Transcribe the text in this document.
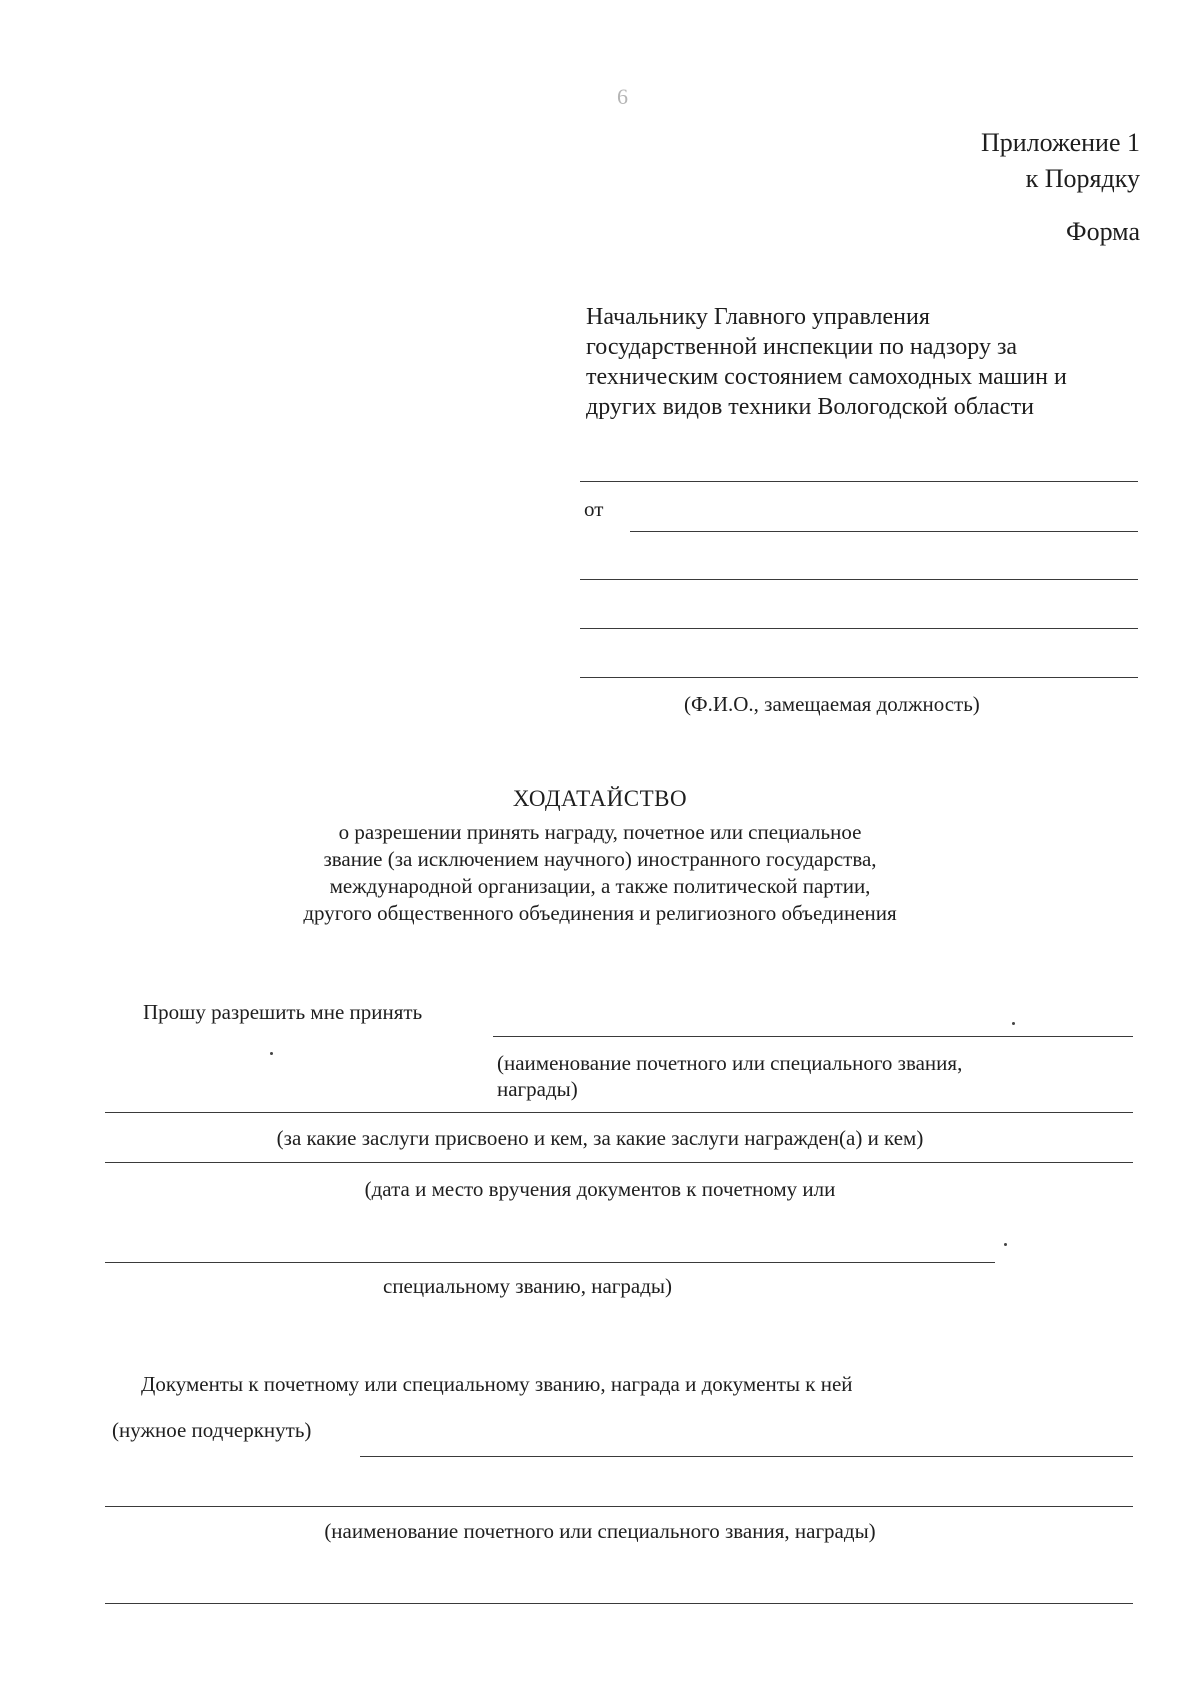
6
Приложение 1
к Порядку
Форма
Начальнику Главного управления
государственной инспекции по надзору за
техническим состоянием самоходных машин и
других видов техники Вологодской области
от
(Ф.И.О., замещаемая должность)
ХОДАТАЙСТВО
о разрешении принять награду, почетное или специальное
звание (за исключением научного) иностранного государства,
международной организации, а также политической партии,
другого общественного объединения и религиозного объединения
Прошу разрешить мне принять
(наименование почетного или специального звания,
награды)
(за какие заслуги присвоено и кем, за какие заслуги награжден(а) и кем)
(дата и место вручения документов к почетному или
специальному званию, награды)
Документы к почетному или специальному званию, награда и документы к ней
(нужное подчеркнуть)
(наименование почетного или специального звания, награды)
